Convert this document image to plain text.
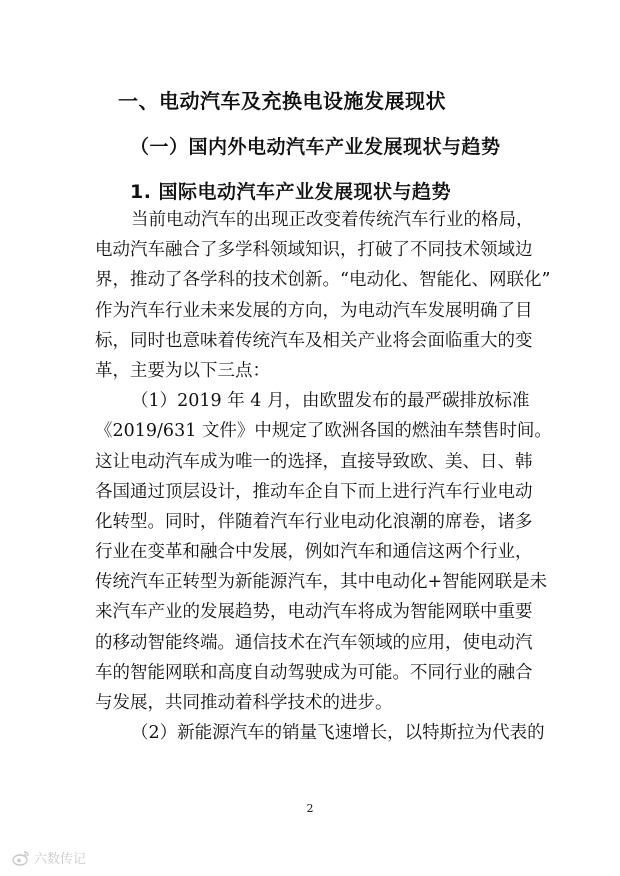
一、电动汽车及充换电设施发展现状
（一）国内外电动汽车产业发展现状与趋势
1. 国际电动汽车产业发展现状与趋势
当前电动汽车的出现正改变着传统汽车行业的格局，
电动汽车融合了多学科领域知识，打破了不同技术领域边
界，推动了各学科的技术创新。“电动化、智能化、网联化”
作为汽车行业未来发展的方向，为电动汽车发展明确了目
标，同时也意味着传统汽车及相关产业将会面临重大的变
革，主要为以下三点：
（1）2019 年 4 月，由欧盟发布的最严碳排放标准
《2019/631 文件》中规定了欧洲各国的燃油车禁售时间。
这让电动汽车成为唯一的选择，直接导致欧、美、日、韩
各国通过顶层设计，推动车企自下而上进行汽车行业电动
化转型。同时，伴随着汽车行业电动化浪潮的席卷，诸多
行业在变革和融合中发展，例如汽车和通信这两个行业，
传统汽车正转型为新能源汽车，其中电动化+智能网联是未
来汽车产业的发展趋势，电动汽车将成为智能网联中重要
的移动智能终端。通信技术在汽车领域的应用，使电动汽
车的智能网联和高度自动驾驶成为可能。不同行业的融合
与发展，共同推动着科学技术的进步。
（2）新能源汽车的销量飞速增长，以特斯拉为代表的
2
六数传记
